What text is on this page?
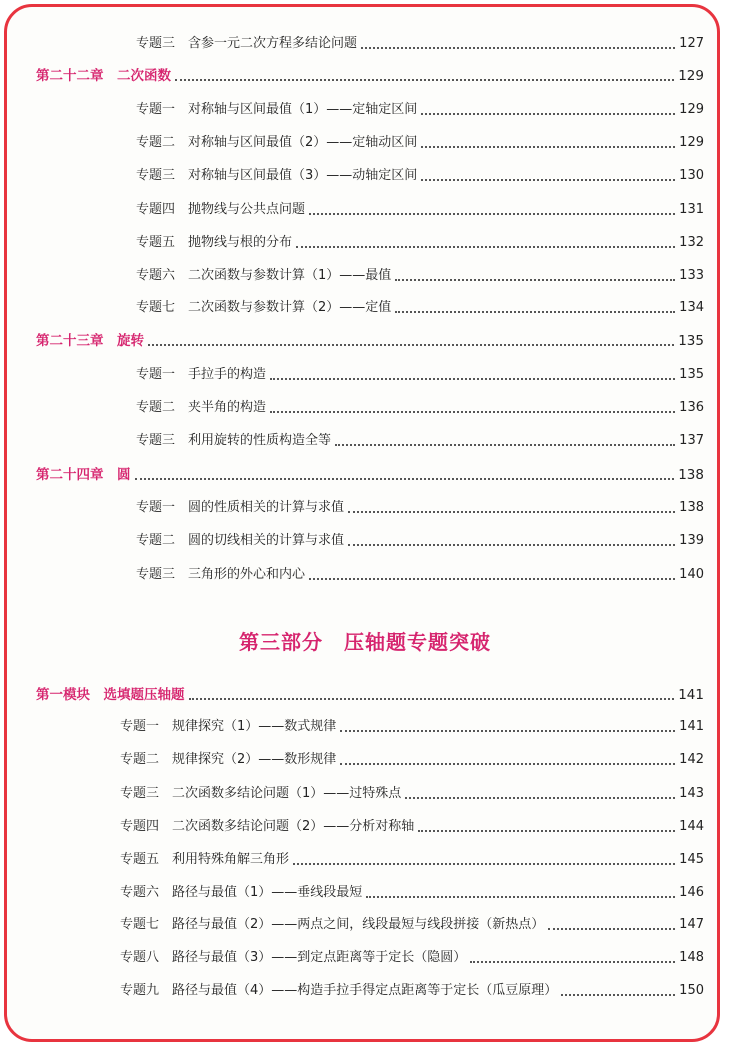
专题三　含参一元二次方程多结论问题	127
第二十二章　二次函数	129
专题一　对称轴与区间最值（1）——定轴定区间	129
专题二　对称轴与区间最值（2）——定轴动区间	129
专题三　对称轴与区间最值（3）——动轴定区间	130
专题四　抛物线与公共点问题	131
专题五　抛物线与根的分布	132
专题六　二次函数与参数计算（1）——最值	133
专题七　二次函数与参数计算（2）——定值	134
第二十三章　旋转	135
专题一　手拉手的构造	135
专题二　夹半角的构造	136
专题三　利用旋转的性质构造全等	137
第二十四章　圆	138
专题一　圆的性质相关的计算与求值	138
专题二　圆的切线相关的计算与求值	139
专题三　三角形的外心和内心	140
第一模块　选填题压轴题	141
专题一　规律探究（1）——数式规律	141
专题二　规律探究（2）——数形规律	142
专题三　二次函数多结论问题（1）——过特殊点	143
专题四　二次函数多结论问题（2）——分析对称轴	144
专题五　利用特殊角解三角形	145
专题六　路径与最值（1）——垂线段最短	146
专题七　路径与最值（2）——两点之间，线段最短与线段拼接（新热点）	147
专题八　路径与最值（3）——到定点距离等于定长（隐圆）	148
专题九　路径与最值（4）——构造手拉手得定点距离等于定长（瓜豆原理）	150
第三部分　压轴题专题突破
